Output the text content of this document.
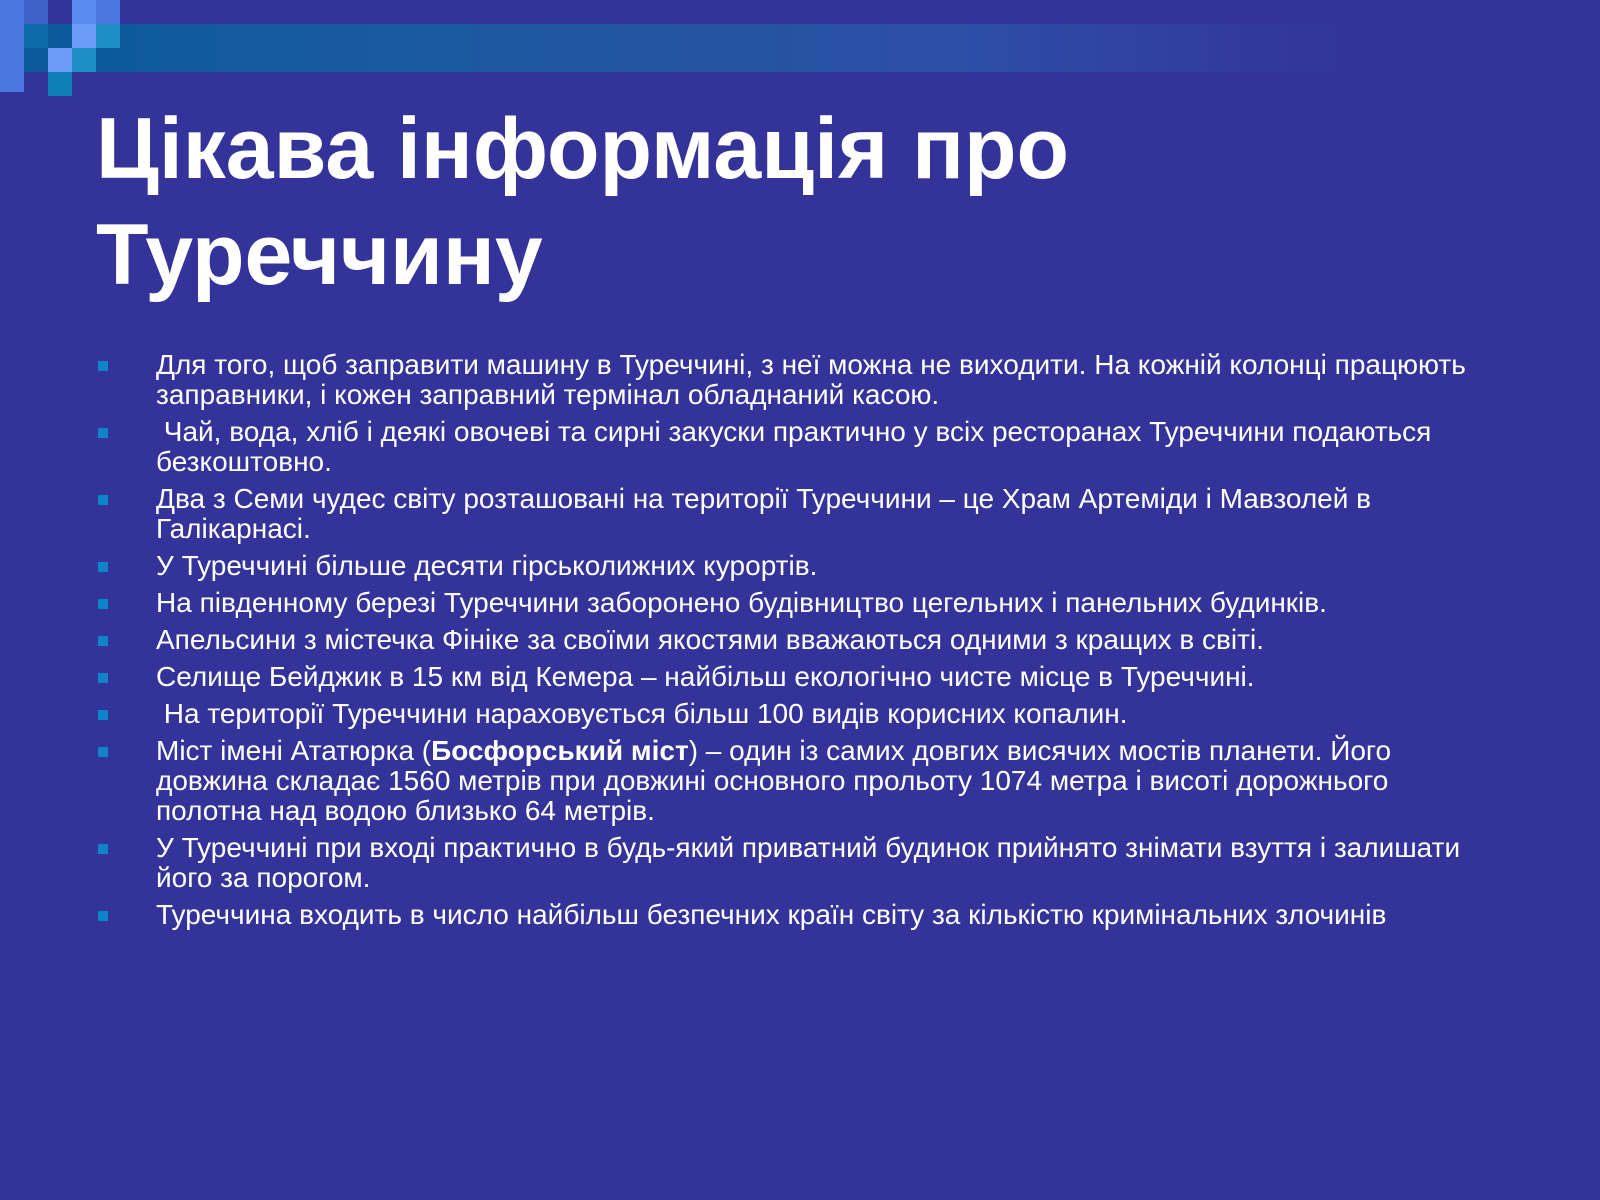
Цікава інформація про
Туреччину
Для того, щоб заправити машину в Туреччині, з неї можна не виходити. На кожній колонці працюють заправники, і кожен заправний термінал обладнаний касою.
Чай, вода, хліб і деякі овочеві та сирні закуски практично у всіх ресторанах Туреччини подаються безкоштовно.
Два з Семи чудес світу розташовані на території Туреччини – це Храм Артеміди і Мавзолей в Галікарнасі.
У Туреччині більше десяти гірськолижних курортів.
На південному березі Туреччини заборонено будівництво цегельних і панельних будинків.
Апельсини з містечка Фініке за своїми якостями вважаються одними з кращих в світі.
Селище Бейджик в 15 км від Кемера – найбільш екологічно чисте місце в Туреччині.
На території Туреччини нараховується більш 100 видів корисних копалин.
Міст імені Ататюрка (Босфорський міст) – один із самих довгих висячих мостів планети. Його довжина складає 1560 метрів при довжині основного прольоту 1074 метра і висоті дорожнього полотна над водою близько 64 метрів.
У Туреччині при вході практично в будь-який приватний будинок прийнято знімати взуття і залишати його за порогом.
Туреччина входить в число найбільш безпечних країн світу за кількістю кримінальних злочинів
